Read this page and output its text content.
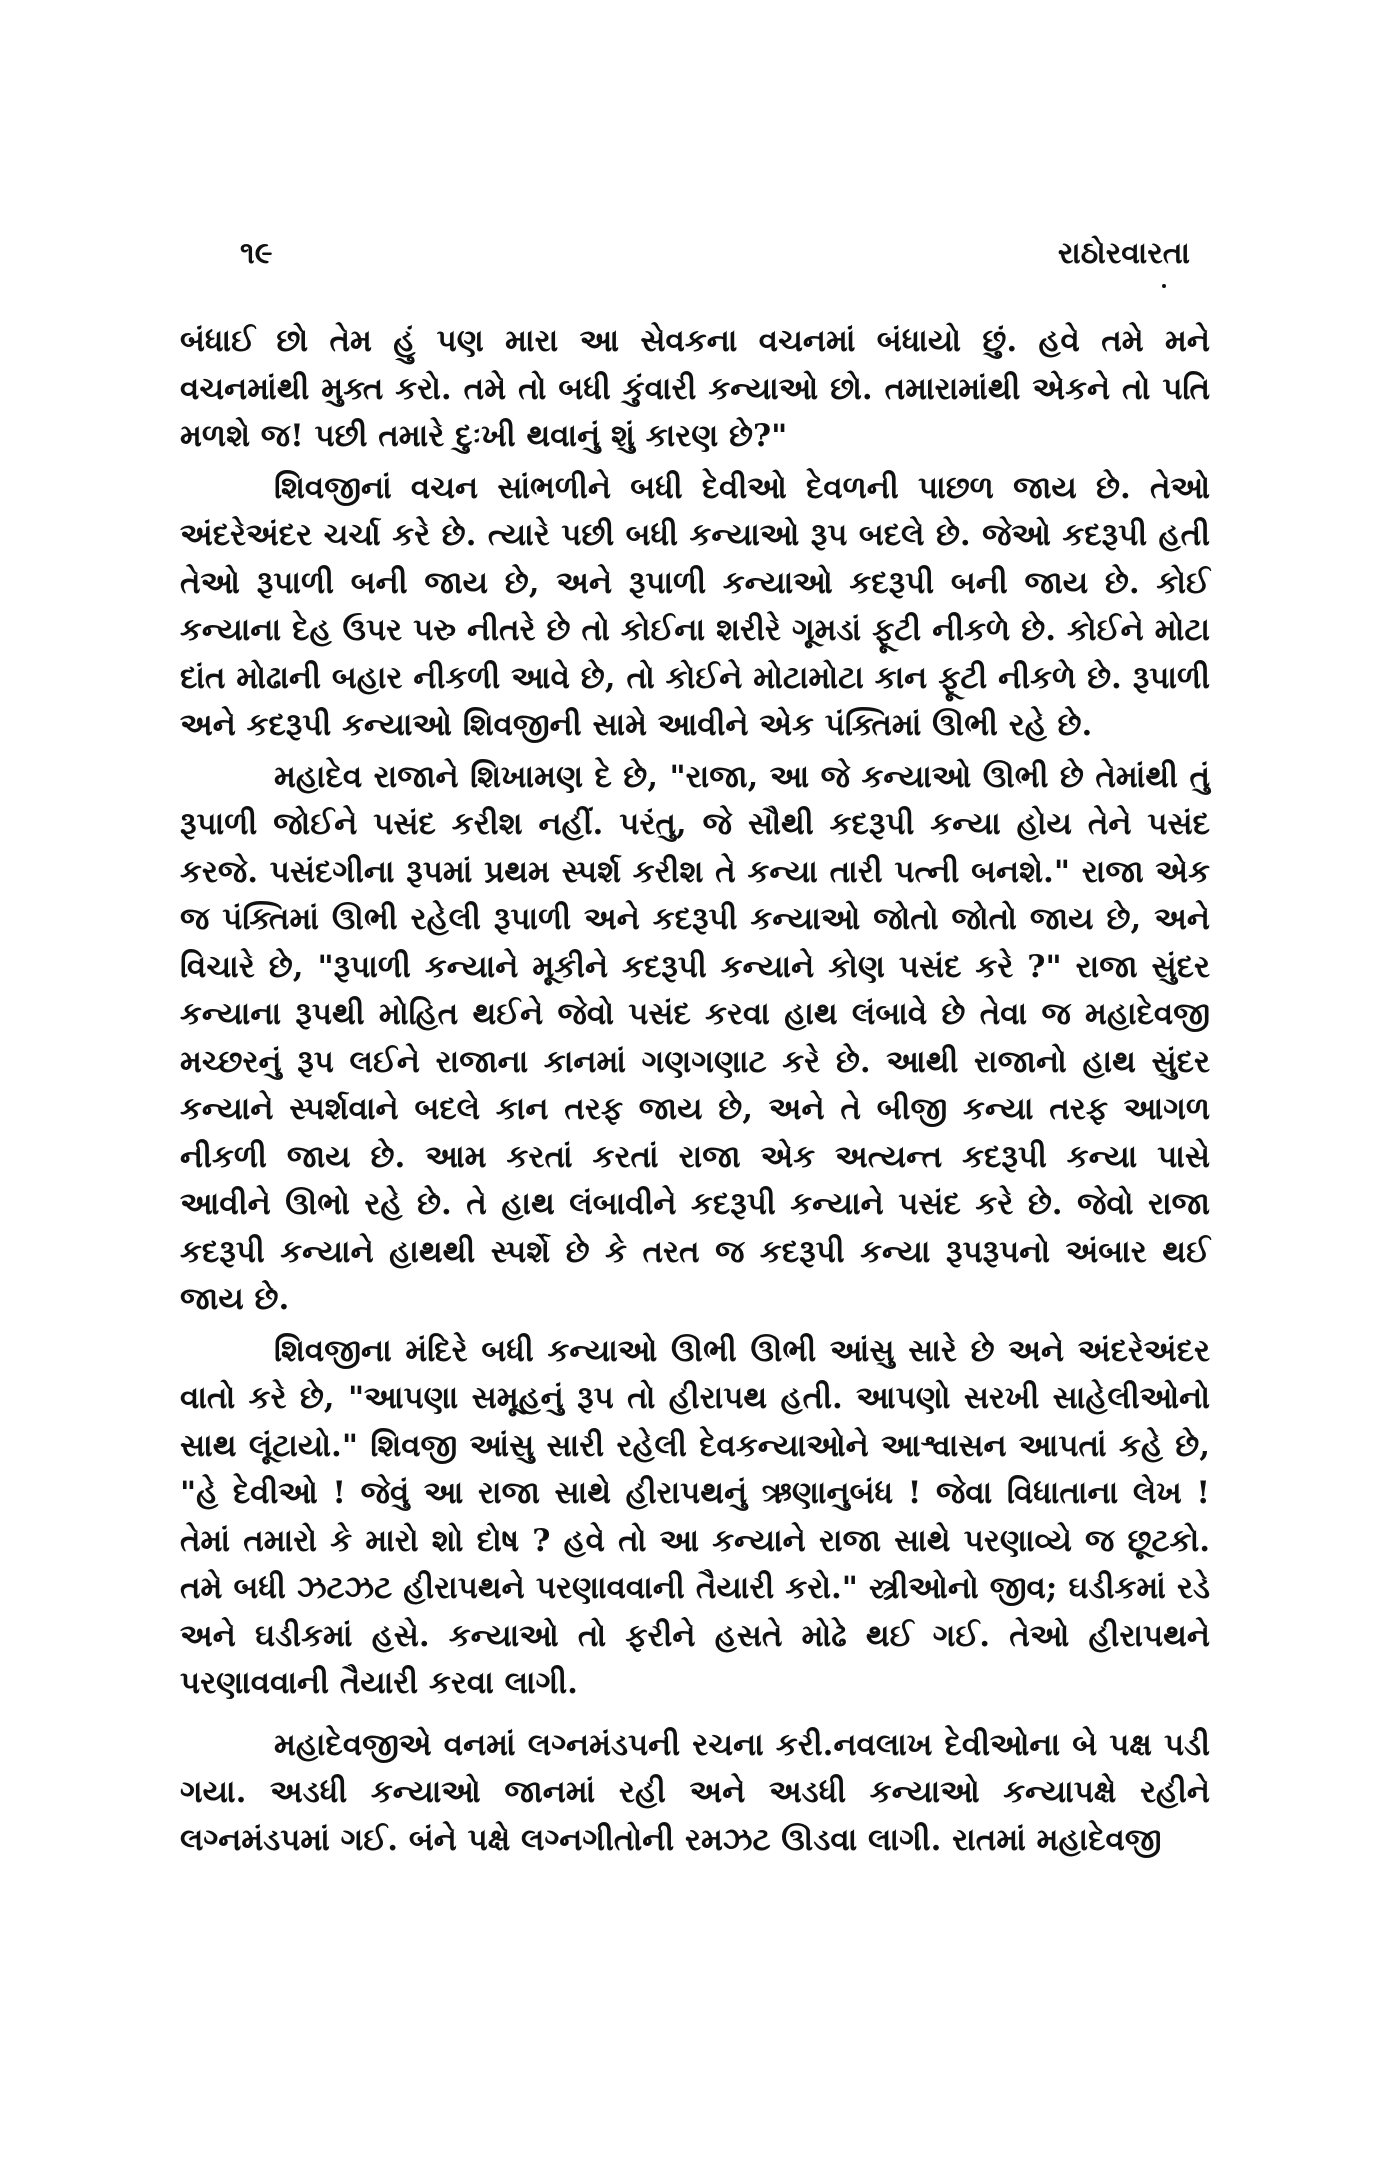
૧૯	રાઠોરવારતા

બંધાઈ છો તેમ હું પણ મારા આ સેવકના વચનમાં બંધાયો છું. હવે તમે મને વચનમાંથી મુક્ત કરો. તમે તો બધી કુંવારી કન્યાઓ છો. તમારામાંથી એકને તો પતિ મળશે જ! પછી તમારે દુઃખી થવાનું શું કારણ છે?"

શિવજીનાં વચન સાંભળીને બધી દેવીઓ દેવળની પાછળ જાય છે. તેઓ અંદરેઅંદર ચર્ચા કરે છે. ત્યારે પછી બધી કન્યાઓ રૂપ બદલે છે. જેઓ કદરૂપી હતી તેઓ રૂપાળી બની જાય છે, અને રૂપાળી કન્યાઓ કદરૂપી બની જાય છે. કોઈ કન્યાના દેહ ઉપર પરુ નીતરે છે તો કોઈના શરીરે ગૂમડાં ફૂટી નીકળે છે. કોઈને મોટા દાંત મોઢાની બહાર નીકળી આવે છે, તો કોઈને મોટામોટા કાન ફૂટી નીકળે છે. રૂપાળી અને કદરૂપી કન્યાઓ શિવજીની સામે આવીને એક પંક્તિમાં ઊભી રહે છે.

મહાદેવ રાજાને શિખામણ દે છે, "રાજા, આ જે કન્યાઓ ઊભી છે તેમાંથી તું રૂપાળી જોઈને પસંદ કરીશ નહીં. પરંતુ, જે સૌથી કદરૂપી કન્યા હોય તેને પસંદ કરજે. પસંદગીના રૂપમાં પ્રથમ સ્પર્શ કરીશ તે કન્યા તારી પત્ની બનશે." રાજા એક જ પંક્તિમાં ઊભી રહેલી રૂપાળી અને કદરૂપી કન્યાઓ જોતો જોતો જાય છે, અને વિચારે છે, "રૂપાળી કન્યાને મૂકીને કદરૂપી કન્યાને કોણ પસંદ કરે ?" રાજા સુંદર કન્યાના રૂપથી મોહિત થઈને જેવો પસંદ કરવા હાથ લંબાવે છે તેવા જ મહાદેવજી મચ્છરનું રૂપ લઈને રાજાના કાનમાં ગણગણાટ કરે છે. આથી રાજાનો હાથ સુંદર કન્યાને સ્પર્શવાને બદલે કાન તરફ જાય છે, અને તે બીજી કન્યા તરફ આગળ નીકળી જાય છે. આમ કરતાં કરતાં રાજા એક અત્યન્ત કદરૂપી કન્યા પાસે આવીને ઊભો રહે છે. તે હાથ લંબાવીને કદરૂપી કન્યાને પસંદ કરે છે. જેવો રાજા કદરૂપી કન્યાને હાથથી સ્પર્શે છે કે તરત જ કદરૂપી કન્યા રૂપરૂપનો અંબાર થઈ જાય છે.

શિવજીના મંદિરે બધી કન્યાઓ ઊભી ઊભી આંસુ સારે છે અને અંદરેઅંદર વાતો કરે છે, "આપણા સમૂહનું રૂપ તો હીરાપથ હતી. આપણો સરખી સાહેલીઓનો સાથ લૂંટાયો." શિવજી આંસુ સારી રહેલી દેવકન્યાઓને આશ્વાસન આપતાં કહે છે, "હે દેવીઓ ! જેવું આ રાજા સાથે હીરાપથનું ઋણાનુબંધ ! જેવા વિધાતાના લેખ ! તેમાં તમારો કે મારો શો દોષ ? હવે તો આ કન્યાને રાજા સાથે પરણાવ્યે જ છૂટકો. તમે બધી ઝટઝટ હીરાપથને પરણાવવાની તૈયારી કરો." સ્ત્રીઓનો જીવ; ઘડીકમાં રડે અને ઘડીકમાં હસે. કન્યાઓ તો ફરીને હસતે મોઢે થઈ ગઈ. તેઓ હીરાપથને પરણાવવાની તૈયારી કરવા લાગી.

મહાદેવજીએ વનમાં લગ્નમંડપની રચના કરી.નવલાખ દેવીઓના બે પક્ષ પડી ગયા. અડધી કન્યાઓ જાનમાં રહી અને અડધી કન્યાઓ કન્યાપક્ષે રહીને લગ્નમંડપમાં ગઈ. બંને પક્ષે લગ્નગીતોની રમઝટ ઊડવા લાગી. રાતમાં મહાદેવજી
